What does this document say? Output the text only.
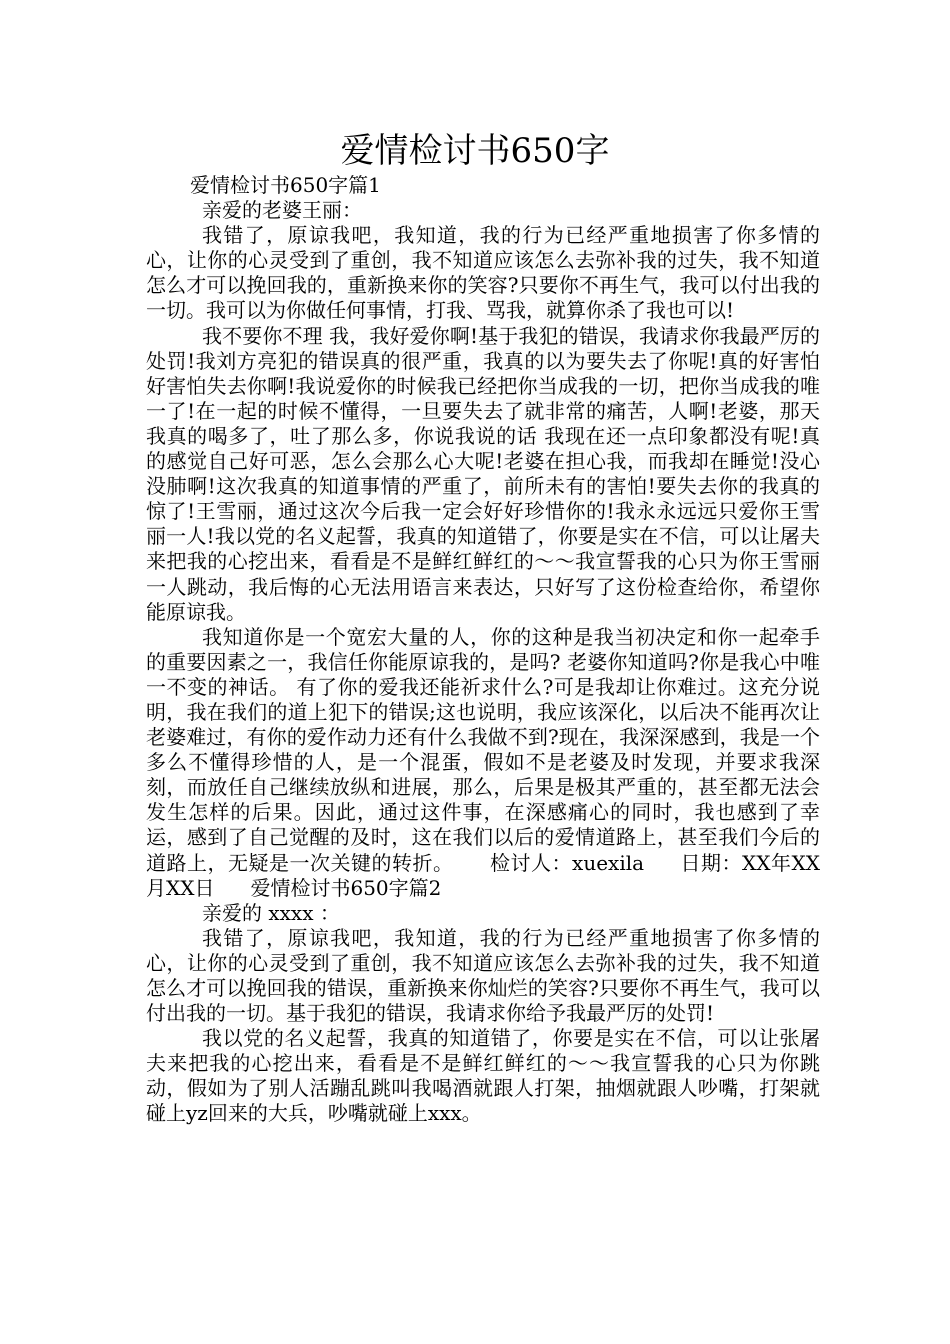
爱情检讨书650字

爱情检讨书650字篇1

亲爱的老婆王丽：

我错了，原谅我吧，我知道，我的行为已经严重地损害了你多情的心，让你的心灵受到了重创，我不知道应该怎么去弥补我的过失，我不知道怎么才可以挽回我的，重新换来你的笑容?只要你不再生气，我可以付出我的一切。我可以为你做任何事情，打我、骂我，就算你杀了我也可以!

我不要你不理 我，我好爱你啊!基于我犯的错误，我请求你我最严厉的处罚!我刘方亮犯的错误真的很严重，我真的以为要失去了你呢!真的好害怕好害怕失去你啊!我说爱你的时候我已经把你当成我的一切，把你当成我的唯一了!在一起的时候不懂得，一旦要失去了就非常的痛苦，人啊!老婆，那天我真的喝多了，吐了那么多，你说我说的话 我现在还一点印象都没有呢!真的感觉自己好可恶，怎么会那么心大呢!老婆在担心我，而我却在睡觉!没心没肺啊!这次我真的知道事情的严重了，前所未有的害怕!要失去你的我真的惊了!王雪丽，通过这次今后我一定会好好珍惜你的!我永永远远只爱你王雪丽一人!我以党的名义起誓，我真的知道错了，你要是实在不信，可以让屠夫来把我的心挖出来，看看是不是鲜红鲜红的～～我宣誓我的心只为你王雪丽一人跳动，我后悔的心无法用语言来表达，只好写了这份检查给你，希望你能原谅我。

我知道你是一个宽宏大量的人，你的这种是我当初决定和你一起牵手的重要因素之一，我信任你能原谅我的，是吗? 老婆你知道吗?你是我心中唯一不变的神话。 有了你的爱我还能祈求什么?可是我却让你难过。这充分说明，我在我们的道上犯下的错误;这也说明，我应该深化，以后决不能再次让老婆难过，有你的爱作动力还有什么我做不到?现在，我深深感到，我是一个多么不懂得珍惜的人，是一个混蛋，假如不是老婆及时发现，并要求我深刻，而放任自己继续放纵和进展，那么，后果是极其严重的，甚至都无法会发生怎样的后果。因此，通过这件事，在深感痛心的同时，我也感到了幸运，感到了自己觉醒的及时，这在我们以后的爱情道路上，甚至我们今后的道路上，无疑是一次关键的转折。 检讨人：xuexila 日期：XX年XX月XX日 爱情检讨书650字篇2

亲爱的 xxxx ：

我错了，原谅我吧，我知道，我的行为已经严重地损害了你多情的心，让你的心灵受到了重创，我不知道应该怎么去弥补我的过失，我不知道怎么才可以挽回我的错误，重新换来你灿烂的笑容?只要你不再生气，我可以付出我的一切。基于我犯的错误，我请求你给予我最严厉的处罚!

我以党的名义起誓，我真的知道错了，你要是实在不信，可以让张屠夫来把我的心挖出来，看看是不是鲜红鲜红的～～我宣誓我的心只为你跳动，假如为了别人活蹦乱跳叫我喝酒就跟人打架，抽烟就跟人吵嘴，打架就碰上yz回来的大兵，吵嘴就碰上xxx。
